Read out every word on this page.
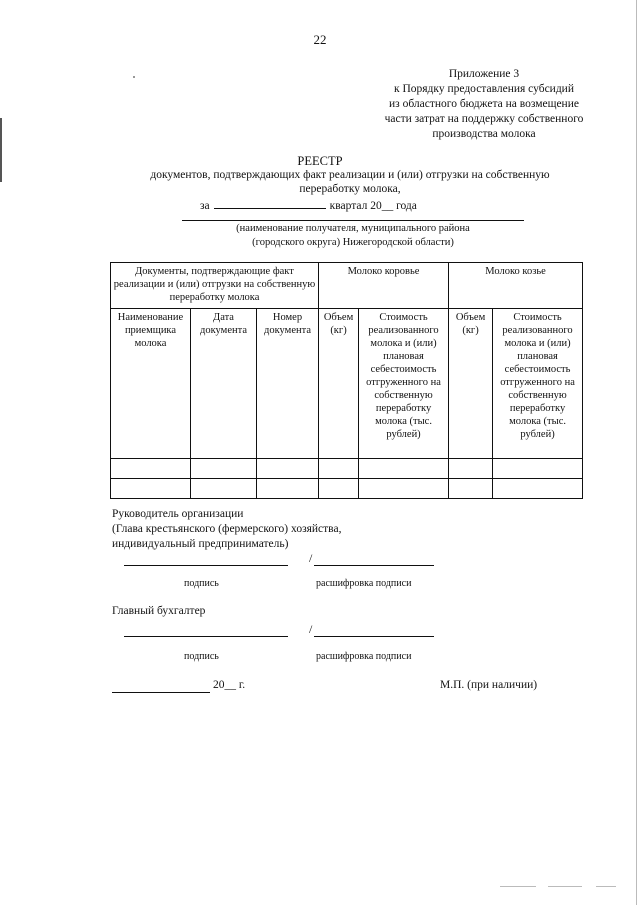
22
Приложение 3
к Порядку предоставления субсидий
из областного бюджета на возмещение
части затрат на поддержку собственного
производства молока
РЕЕСТР
документов, подтверждающих факт реализации и (или) отгрузки на собственную
переработку молока,
за	квартал 20__ года
(наименование получателя, муниципального района
(городского округа) Нижегородской области)
Документы, подтверждающие факт реализации и (или) отгрузки на собственную переработку молока			Молоко коровье		Молоко козье	
Наименование приемщика молока	Дата документа	Номер документа	Объем (кг)	Стоимость реализованного молока и (или) плановая себестоимость отгруженного на собственную переработку молока (тыс. рублей)	Объем (кг)	Стоимость реализованного молока и (или) плановая себестоимость отгруженного на собственную переработку молока (тыс. рублей)

Руководитель организации
(Глава крестьянского (фермерского) хозяйства,
индивидуальный предприниматель)
/
подпись	расшифровка подписи
Главный бухгалтер
/
подпись	расшифровка подписи
20__ г.	М.П. (при наличии)
